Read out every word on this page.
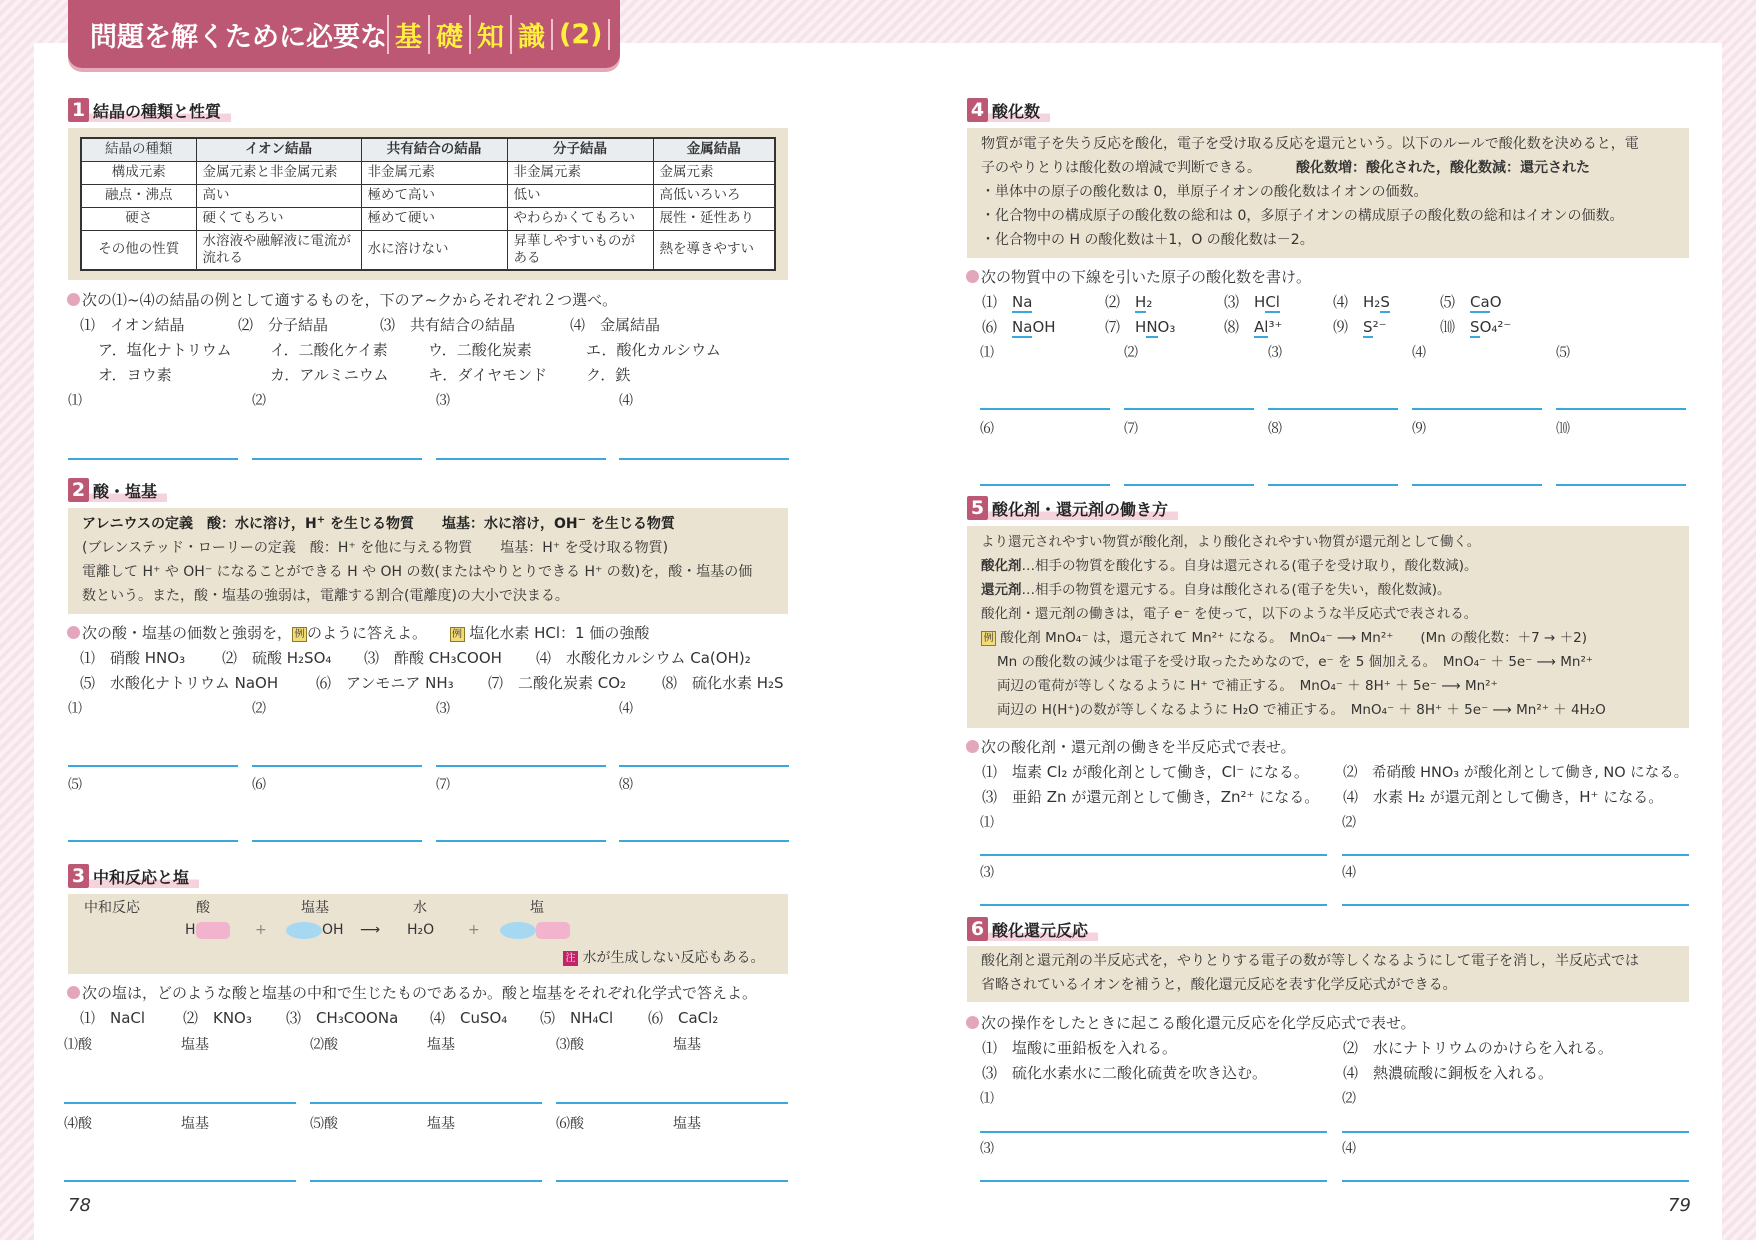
問題を解くために必要な 基 礎 知 識 (2)
1 結晶の種類と性質
結晶の種類	イオン結晶	共有結合の結晶	分子結晶	金属結晶
構成元素	金属元素と非金属元素	非金属元素	非金属元素	金属元素
融点・沸点	高い	極めて高い	低い	高低いろいろ
硬さ	硬くてもろい	極めて硬い	やわらかくてもろい	展性・延性あり
その他の性質	水溶液や融解液に電流が流れる	水に溶けない	昇華しやすいものがある	熱を導きやすい
次の⑴~⑷の結晶の例として適するものを，下のア~クからそれぞれ２つ選べ。
⑴　イオン結晶	⑵　分子結晶	⑶　共有結合の結晶	⑷　金属結晶
ア．塩化ナトリウム	イ．二酸化ケイ素	ウ．二酸化炭素	エ．酸化カルシウム
オ．ヨウ素	カ．アルミニウム	キ．ダイヤモンド	ク．鉄
⑴	⑵	⑶	⑷
2 酸・塩基
アレニウスの定義　酸：水に溶け，H+ を生じる物質　　塩基：水に溶け，OH− を生じる物質
(ブレンステッド・ローリーの定義　酸：H⁺ を他に与える物質　　塩基：H⁺ を受け取る物質)
電離して H⁺ や OH⁻ になることができる H や OH の数(またはやりとりできる H⁺ の数)を，酸・塩基の価
数という。また，酸・塩基の強弱は，電離する割合(電離度)の大小で決まる。
次の酸・塩基の価数と強弱を， 例 のように答えよ。　　	例 塩化水素 HCl：1 価の強酸
⑴　硝酸 HNO₃ ⑵　硫酸 H₂SO₄ ⑶　酢酸 CH₃COOH ⑷　水酸化カルシウム Ca(OH)₂
⑸　水酸化ナトリウム NaOH	⑹　アンモニア NH₃ ⑺　二酸化炭素 CO₂ ⑻　硫化水素 H₂S
⑴	⑵	⑶	⑷
⑸	⑹	⑺	⑻
3 中和反応と塩
中和反応	酸	塩基	水	塩
H	+	OH ⟶ H₂O +
注 水が生成しない反応もある。
次の塩は，どのような酸と塩基の中和で生じたものであるか。酸と塩基をそれぞれ化学式で答えよ。
⑴　NaCl	⑵　KNO₃ ⑶　CH₃COONa ⑷　CuSO₄ ⑸　NH₄Cl ⑹　CaCl₂
⑴酸	塩基	⑵酸	塩基	⑶酸	塩基
⑷酸	塩基	⑸酸	塩基	⑹酸	塩基
78
4 酸化数
物質が電子を失う反応を酸化，電子を受け取る反応を還元という。以下のルールで酸化数を決めると，電
子のやりとりは酸化数の増減で判断できる。　　　	酸化数増：酸化された，酸化数減：還元された
・単体中の原子の酸化数は 0，単原子イオンの酸化数はイオンの価数。
・化合物中の構成原子の酸化数の総和は 0，多原子イオンの構成原子の酸化数の総和はイオンの価数。
・化合物中の H の酸化数は＋1，O の酸化数は－2。
次の物質中の下線を引いた原子の酸化数を書け。
⑴　 Na	⑵　 H₂	⑶　 HCl	⑷　 H₂S	⑸　 CaO
⑹　 NaOH	⑺　 HNO₃	⑻　 Al³⁺	⑼　 S²⁻	⑽　 SO₄²⁻
⑴	⑵	⑶	⑷	⑸
⑹	⑺	⑻	⑼	⑽
5 酸化剤・還元剤の働き方
より還元されやすい物質が酸化剤，より酸化されやすい物質が還元剤として働く。
酸化剤…相手の物質を酸化する。自身は還元される(電子を受け取り，酸化数減)。
還元剤…相手の物質を還元する。自身は酸化される(電子を失い，酸化数減)。
酸化剤・還元剤の働きは，電子 e⁻ を使って，以下のような半反応式で表される。
例 酸化剤 MnO₄⁻ は，還元されて Mn²⁺ になる。　MnO₄⁻ ⟶ Mn²⁺　　(Mn の酸化数：＋7 → ＋2)
Mn の酸化数の減少は電子を受け取ったためなので，e⁻ を 5 個加える。　MnO₄⁻ ＋ 5e⁻ ⟶ Mn²⁺
両辺の電荷が等しくなるように H⁺ で補正する。　MnO₄⁻ ＋ 8H⁺ ＋ 5e⁻ ⟶ Mn²⁺
両辺の H(H⁺)の数が等しくなるように H₂O で補正する。　MnO₄⁻ ＋ 8H⁺ ＋ 5e⁻ ⟶ Mn²⁺ ＋ 4H₂O
次の酸化剤・還元剤の働きを半反応式で表せ。
⑴　塩素 Cl₂ が酸化剤として働き，Cl⁻ になる。 ⑵　希硝酸 HNO₃ が酸化剤として働き, NO になる。
⑶　亜鉛 Zn が還元剤として働き，Zn²⁺ になる。 ⑷　水素 H₂ が還元剤として働き，H⁺ になる。
⑴	⑵
⑶	⑷
6 酸化還元反応
酸化剤と還元剤の半反応式を，やりとりする電子の数が等しくなるようにして電子を消し，半反応式では
省略されているイオンを補うと，酸化還元反応を表す化学反応式ができる。
次の操作をしたときに起こる酸化還元反応を化学反応式で表せ。
⑴　塩酸に亜鉛板を入れる。	⑵　水にナトリウムのかけらを入れる。
⑶　硫化水素水に二酸化硫黄を吹き込む。	⑷　熱濃硫酸に銅板を入れる。
⑴	⑵
⑶	⑷
79
